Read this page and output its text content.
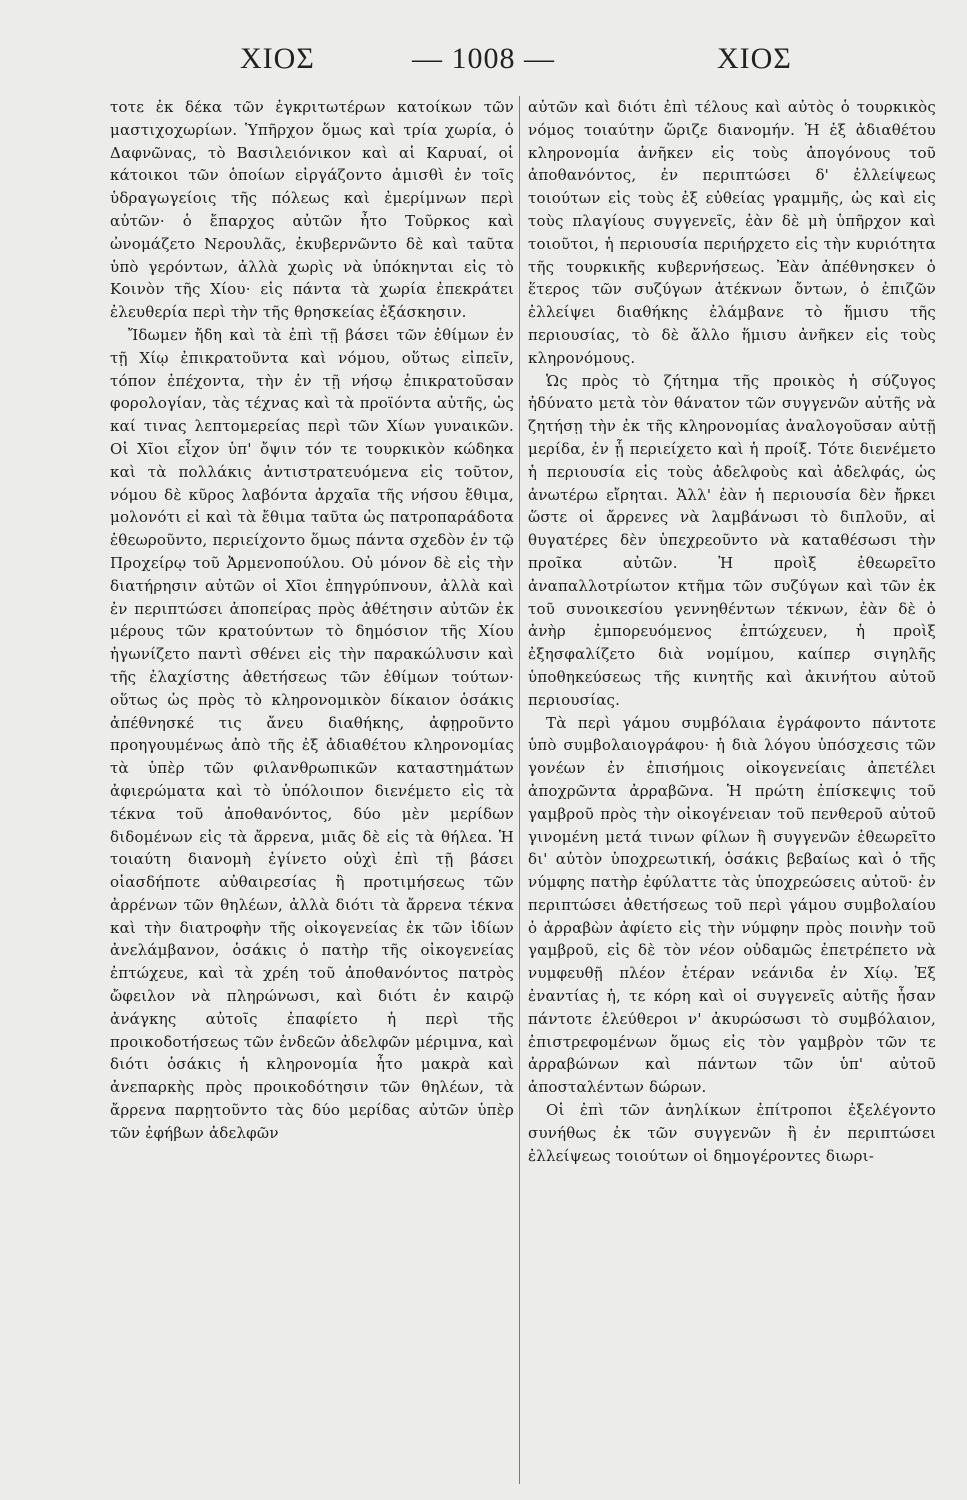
— 1008 —
ΧΙΟΣ	ΧΙΟΣ

τοτε ἐκ δέκα τῶν ἐγκριτωτέρων κατοίκων τῶν μαστιχοχωρίων. Ὑπῆρχον ὅμως καὶ τρία χωρία, ὁ Δαφνῶνας, τὸ Βασιλειόνικον καὶ αἱ Καρυαί, οἱ κάτοικοι τῶν ὁποίων εἰργάζοντο ἀμισθὶ ἐν τοῖς ὑδραγωγείοις τῆς πόλεως καὶ ἐμερίμνων περὶ αὐτῶν· ὁ ἔπαρχος αὐτῶν ἦτο Τοῦρκος καὶ ὠνομάζετο Νερουλᾶς, ἐκυβερνῶντο δὲ καὶ ταῦτα ὑπὸ γερόντων, ἀλλὰ χωρὶς νὰ ὑπόκηνται εἰς τὸ Κοινὸν τῆς Χίου· εἰς πάντα τὰ χωρία ἐπεκράτει ἐλευθερία περὶ τὴν τῆς θρησκείας ἐξάσκησιν.

Ἴδωμεν ἤδη καὶ τὰ ἐπὶ τῇ βάσει τῶν ἐθίμων ἐν τῇ Χίῳ ἐπικρατοῦντα καὶ νόμου, οὕτως εἰπεῖν, τόπον ἐπέχοντα, τὴν ἐν τῇ νήσῳ ἐπικρατοῦσαν φορολογίαν, τὰς τέχνας καὶ τὰ προϊόντα αὐτῆς, ὡς καί τινας λεπτομερείας περὶ τῶν Χίων γυναικῶν. Οἱ Χῖοι εἶχον ὑπ' ὄψιν τόν τε τουρκικὸν κώδηκα καὶ τὰ πολλάκις ἀντιστρατευόμενα εἰς τοῦτον, νόμου δὲ κῦρος λαβόντα ἀρχαῖα τῆς νήσου ἔθιμα, μολονότι εἰ καὶ τὰ ἔθιμα ταῦτα ὡς πατροπαράδοτα ἐθεωροῦντο, περιείχοντο ὅμως πάντα σχεδὸν ἐν τῷ Προχείρῳ τοῦ Ἀρμενοπούλου. Οὐ μόνον δὲ εἰς τὴν διατήρησιν αὐτῶν οἱ Χῖοι ἐπηγρύπνουν, ἀλλὰ καὶ ἐν περιπτώσει ἀποπείρας πρὸς ἀθέτησιν αὐτῶν ἐκ μέρους τῶν κρατούντων τὸ δημόσιον τῆς Χίου ἠγωνίζετο παντὶ σθένει εἰς τὴν παρακώλυσιν καὶ τῆς ἐλαχίστης ἀθετήσεως τῶν ἐθίμων τούτων· οὕτως ὡς πρὸς τὸ κληρονομικὸν δίκαιον ὁσάκις ἀπέθνησκέ τις ἄνευ διαθήκης, ἀφῃροῦντο προηγουμένως ἀπὸ τῆς ἐξ ἀδιαθέτου κληρονομίας τὰ ὑπὲρ τῶν φιλανθρωπικῶν καταστημάτων ἀφιερώματα καὶ τὸ ὑπόλοιπον διενέμετο εἰς τὰ τέκνα τοῦ ἀποθανόντος, δύο μὲν μερίδων διδομένων εἰς τὰ ἄρρενα, μιᾶς δὲ εἰς τὰ θήλεα. Ἡ τοιαύτη διανομὴ ἐγίνετο οὐχὶ ἐπὶ τῇ βάσει οἱασδήποτε αὐθαιρεσίας ἢ προτιμήσεως τῶν ἀρρένων τῶν θηλέων, ἀλλὰ διότι τὰ ἄρρενα τέκνα καὶ τὴν διατροφὴν τῆς οἰκογενείας ἐκ τῶν ἰδίων ἀνελάμβανον, ὁσάκις ὁ πατὴρ τῆς οἰκογενείας ἐπτώχευε, καὶ τὰ χρέη τοῦ ἀποθανόντος πατρὸς ὤφειλον νὰ πληρώνωσι, καὶ διότι ἐν καιρῷ ἀνάγκης αὐτοῖς ἐπαφίετο ἡ περὶ τῆς προικοδοτήσεως τῶν ἐνδεῶν ἀδελφῶν μέριμνα, καὶ διότι ὁσάκις ἡ κληρονομία ἦτο μακρὰ καὶ ἀνεπαρκὴς πρὸς προικοδότησιν τῶν θηλέων, τὰ ἄρρενα παρῃτοῦντο τὰς δύο μερίδας αὐτῶν ὑπὲρ τῶν ἐφήβων ἀδελφῶν

αὐτῶν καὶ διότι ἐπὶ τέλους καὶ αὐτὸς ὁ τουρκικὸς νόμος τοιαύτην ὥριζε διανομήν. Ἡ ἐξ ἀδιαθέτου κληρονομία ἀνῆκεν εἰς τοὺς ἀπογόνους τοῦ ἀποθανόντος, ἐν περιπτώσει δ' ἐλλείψεως τοιούτων εἰς τοὺς ἐξ εὐθείας γραμμῆς, ὡς καὶ εἰς τοὺς πλαγίους συγγενεῖς, ἐὰν δὲ μὴ ὑπῆρχον καὶ τοιοῦτοι, ἡ περιουσία περιήρχετο εἰς τὴν κυριότητα τῆς τουρκικῆς κυβερνήσεως. Ἐὰν ἀπέθνησκεν ὁ ἕτερος τῶν συζύγων ἀτέκνων ὄντων, ὁ ἐπιζῶν ἐλλείψει διαθήκης ἐλάμβανε τὸ ἥμισυ τῆς περιουσίας, τὸ δὲ ἄλλο ἥμισυ ἀνῆκεν εἰς τοὺς κληρονόμους.

Ὡς πρὸς τὸ ζήτημα τῆς προικὸς ἡ σύζυγος ἠδύνατο μετὰ τὸν θάνατον τῶν συγγενῶν αὐτῆς νὰ ζητήσῃ τὴν ἐκ τῆς κληρονομίας ἀναλογοῦσαν αὐτῇ μερίδα, ἐν ᾗ περιείχετο καὶ ἡ προίξ. Τότε διενέμετο ἡ περιουσία εἰς τοὺς ἀδελφοὺς καὶ ἀδελφάς, ὡς ἀνωτέρω εἴρηται. Ἀλλ' ἐὰν ἡ περιουσία δὲν ἤρκει ὥστε οἱ ἄρρενες νὰ λαμβάνωσι τὸ διπλοῦν, αἱ θυγατέρες δὲν ὑπεχρεοῦντο νὰ καταθέσωσι τὴν προῖκα αὐτῶν. Ἡ προὶξ ἐθεωρεῖτο ἀναπαλλοτρίωτον κτῆμα τῶν συζύγων καὶ τῶν ἐκ τοῦ συνοικεσίου γεννηθέντων τέκνων, ἐὰν δὲ ὁ ἀνὴρ ἐμπορευόμενος ἐπτώχευεν, ἡ προὶξ ἐξησφαλίζετο διὰ νομίμου, καίπερ σιγηλῆς ὑποθηκεύσεως τῆς κινητῆς καὶ ἀκινήτου αὐτοῦ περιουσίας.

Τὰ περὶ γάμου συμβόλαια ἐγράφοντο πάντοτε ὑπὸ συμβολαιογράφου· ἡ διὰ λόγου ὑπόσχεσις τῶν γονέων ἐν ἐπισήμοις οἰκογενείαις ἀπετέλει ἀποχρῶντα ἀρραβῶνα. Ἡ πρώτη ἐπίσκεψις τοῦ γαμβροῦ πρὸς τὴν οἰκογένειαν τοῦ πενθεροῦ αὐτοῦ γινομένη μετά τινων φίλων ἢ συγγενῶν ἐθεωρεῖτο δι' αὐτὸν ὑποχρεωτική, ὁσάκις βεβαίως καὶ ὁ τῆς νύμφης πατὴρ ἐφύλαττε τὰς ὑποχρεώσεις αὐτοῦ· ἐν περιπτώσει ἀθετήσεως τοῦ περὶ γάμου συμβολαίου ὁ ἀρραβὼν ἀφίετο εἰς τὴν νύμφην πρὸς ποινὴν τοῦ γαμβροῦ, εἰς δὲ τὸν νέον οὐδαμῶς ἐπετρέπετο νὰ νυμφευθῇ πλέον ἑτέραν νεάνιδα ἐν Χίῳ. Ἐξ ἐναντίας ἡ, τε κόρη καὶ οἱ συγγενεῖς αὐτῆς ἦσαν πάντοτε ἐλεύθεροι ν' ἀκυρώσωσι τὸ συμβόλαιον, ἐπιστρεφομένων ὅμως εἰς τὸν γαμβρὸν τῶν τε ἀρραβώνων καὶ πάντων τῶν ὑπ' αὐτοῦ ἀποσταλέντων δώρων.

Οἱ ἐπὶ τῶν ἀνηλίκων ἐπίτροποι ἐξελέγοντο συνήθως ἐκ τῶν συγγενῶν ἢ ἐν περιπτώσει ἐλλείψεως τοιούτων οἱ δημογέροντες διωρι-
